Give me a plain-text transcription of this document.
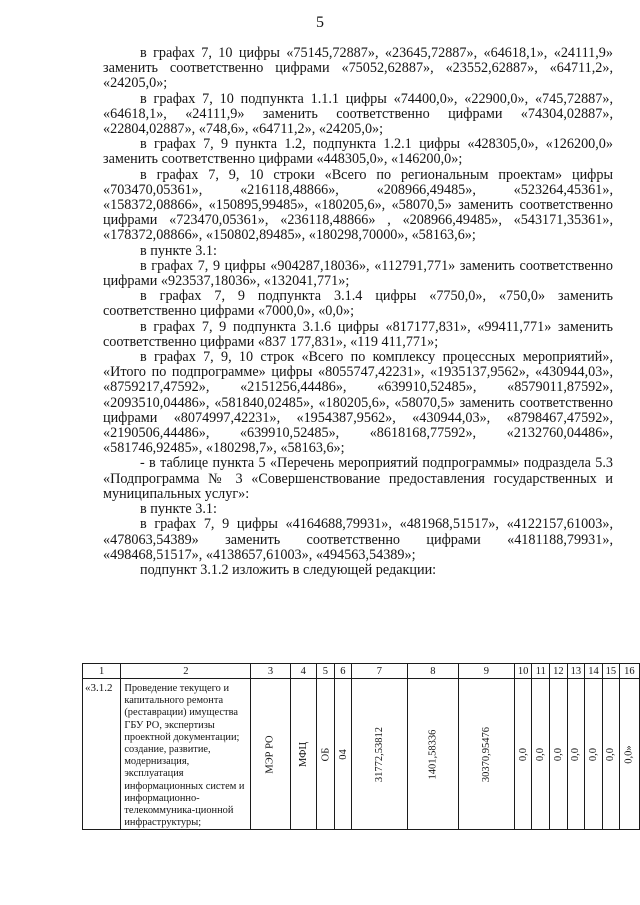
5

в графах 7, 10 цифры «75145,72887», «23645,72887», «64618,1», «24111,9» заменить соответственно цифрами «75052,62887», «23552,62887», «64711,2», «24205,0»;

в графах 7, 10 подпункта 1.1.1 цифры «74400,0», «22900,0», «745,72887», «64618,1», «24111,9» заменить соответственно цифрами «74304,02887», «22804,02887», «748,6», «64711,2», «24205,0»;

в графах 7, 9 пункта 1.2, подпункта 1.2.1 цифры «428305,0», «126200,0» заменить соответственно цифрами «448305,0», «146200,0»;

в графах 7, 9, 10 строки «Всего по региональным проектам» цифры «703470,05361», «216118,48866», «208966,49485», «523264,45361», «158372,08866», «150895,99485», «180205,6», «58070,5» заменить соответственно цифрами «723470,05361», «236118,48866» , «208966,49485», «543171,35361», «178372,08866», «150802,89485», «180298,70000», «58163,6»;

в пункте 3.1:

в графах 7, 9 цифры «904287,18036», «112791,771» заменить соответственно цифрами «923537,18036», «132041,771»;

в графах 7, 9 подпункта 3.1.4 цифры «7750,0», «750,0» заменить соответственно цифрами «7000,0», «0,0»;

в графах 7, 9 подпункта 3.1.6 цифры «817177,831», «99411,771» заменить соответственно цифрами «837 177,831», «119 411,771»;

в графах 7, 9, 10 строк «Всего по комплексу процессных мероприятий», «Итого по подпрограмме» цифры «8055747,42231», «1935137,9562», «430944,03», «8759217,47592», «2151256,44486», «639910,52485», «8579011,87592», «2093510,04486», «581840,02485», «180205,6», «58070,5» заменить соответственно цифрами «8074997,42231», «1954387,9562», «430944,03», «8798467,47592», «2190506,44486», «639910,52485», «8618168,77592», «2132760,04486», «581746,92485», «180298,7», «58163,6»;

- в таблице пункта 5 «Перечень мероприятий подпрограммы» подраздела 5.3 «Подпрограмма № 3 «Совершенствование предоставления государственных и муниципальных услуг»:

в пункте 3.1:

в графах 7, 9 цифры «4164688,79931», «481968,51517», «4122157,61003», «478063,54389» заменить соответственно цифрами «4181188,79931», «498468,51517», «4138657,61003», «494563,54389»;

подпункт 3.1.2 изложить в следующей редакции:

1	2	3	4	5	6	7	8	9	10	11	12	13	14	15	16
«3.1.2	Проведение текущего и капитального ремонта (реставрации) имущества ГБУ РО, экспертизы проектной документации; создание, развитие, модернизация, эксплуатация информационных систем и информационно-телекоммуника-ционной инфраструктуры;	МЭР РО	МФЦ	ОБ	04	31772,53812	1401,58336	30370,95476	0,0	0,0	0,0	0,0	0,0	0,0	0,0»
